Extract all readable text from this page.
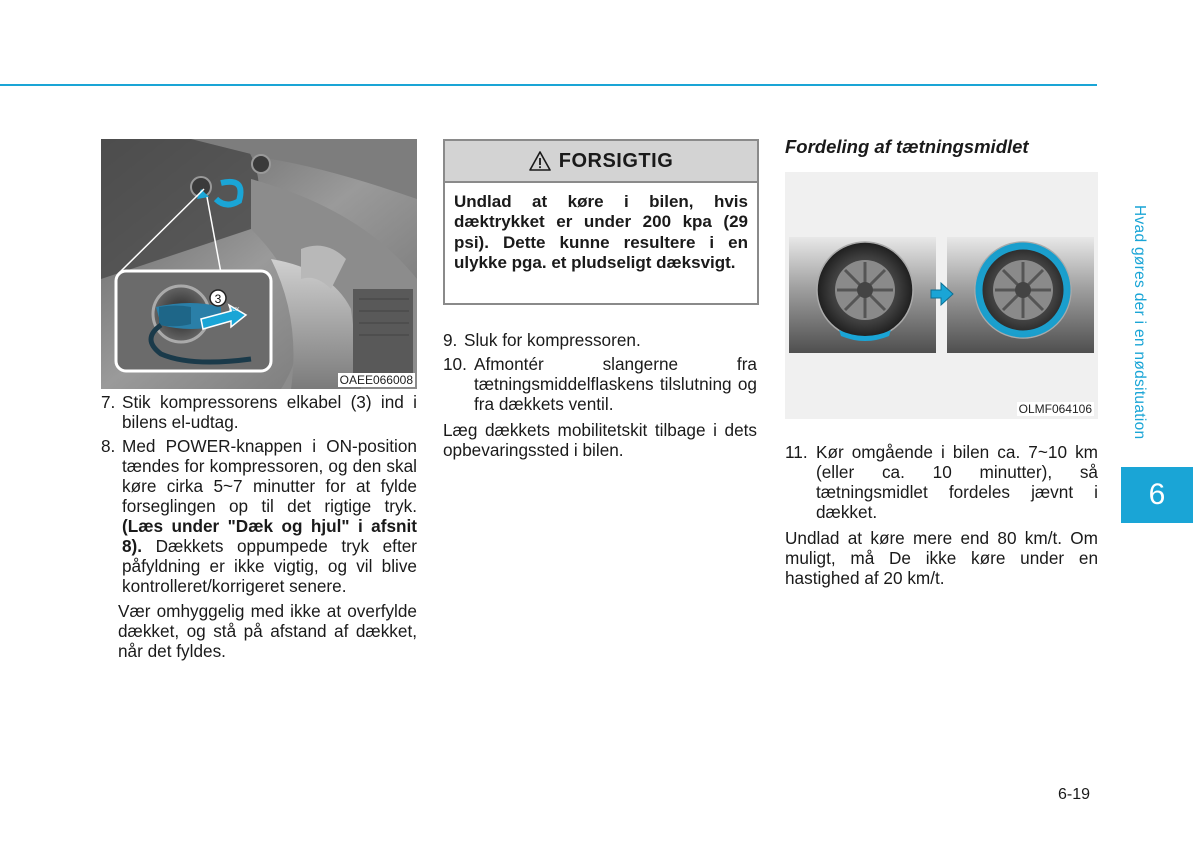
3
AUX
OAEE066008
7. Stik kompressorens elkabel (3) ind i bilens el-udtag.
8. Med POWER-knappen i ON-position tændes for kompressoren, og den skal køre cirka 5~7 minutter for at fylde forseglingen op til det rigtige tryk. (Læs under "Dæk og hjul" i afsnit 8). Dækkets oppumpede tryk efter påfyldning er ikke vigtig, og vil blive kontrolleret/korrigeret senere.

Vær omhyggelig med ikke at overfylde dækket, og stå på afstand af dækket, når det fyldes.

FORSIGTIG
Undlad at køre i bilen, hvis dæktrykket er under 200 kpa (29 psi). Dette kunne resultere i en ulykke pga. et pludseligt dæksvigt.
9. Sluk for kompressoren.
10. Afmontér slangerne fra tætningsmiddelflaskens tilslutning og fra dækkets ventil.

Læg dækkets mobilitetskit tilbage i dets opbevaringssted i bilen.

Fordeling af tætningsmidlet
OLMF064106
11. Kør omgående i bilen ca. 7~10 km (eller ca. 10 minutter), så tætningsmidlet fordeles jævnt i dækket.

Undlad at køre mere end 80 km/t. Om muligt, må De ikke køre under en hastighed af 20 km/t.

Hvad gøres der i en nødsituation
6
6-19
